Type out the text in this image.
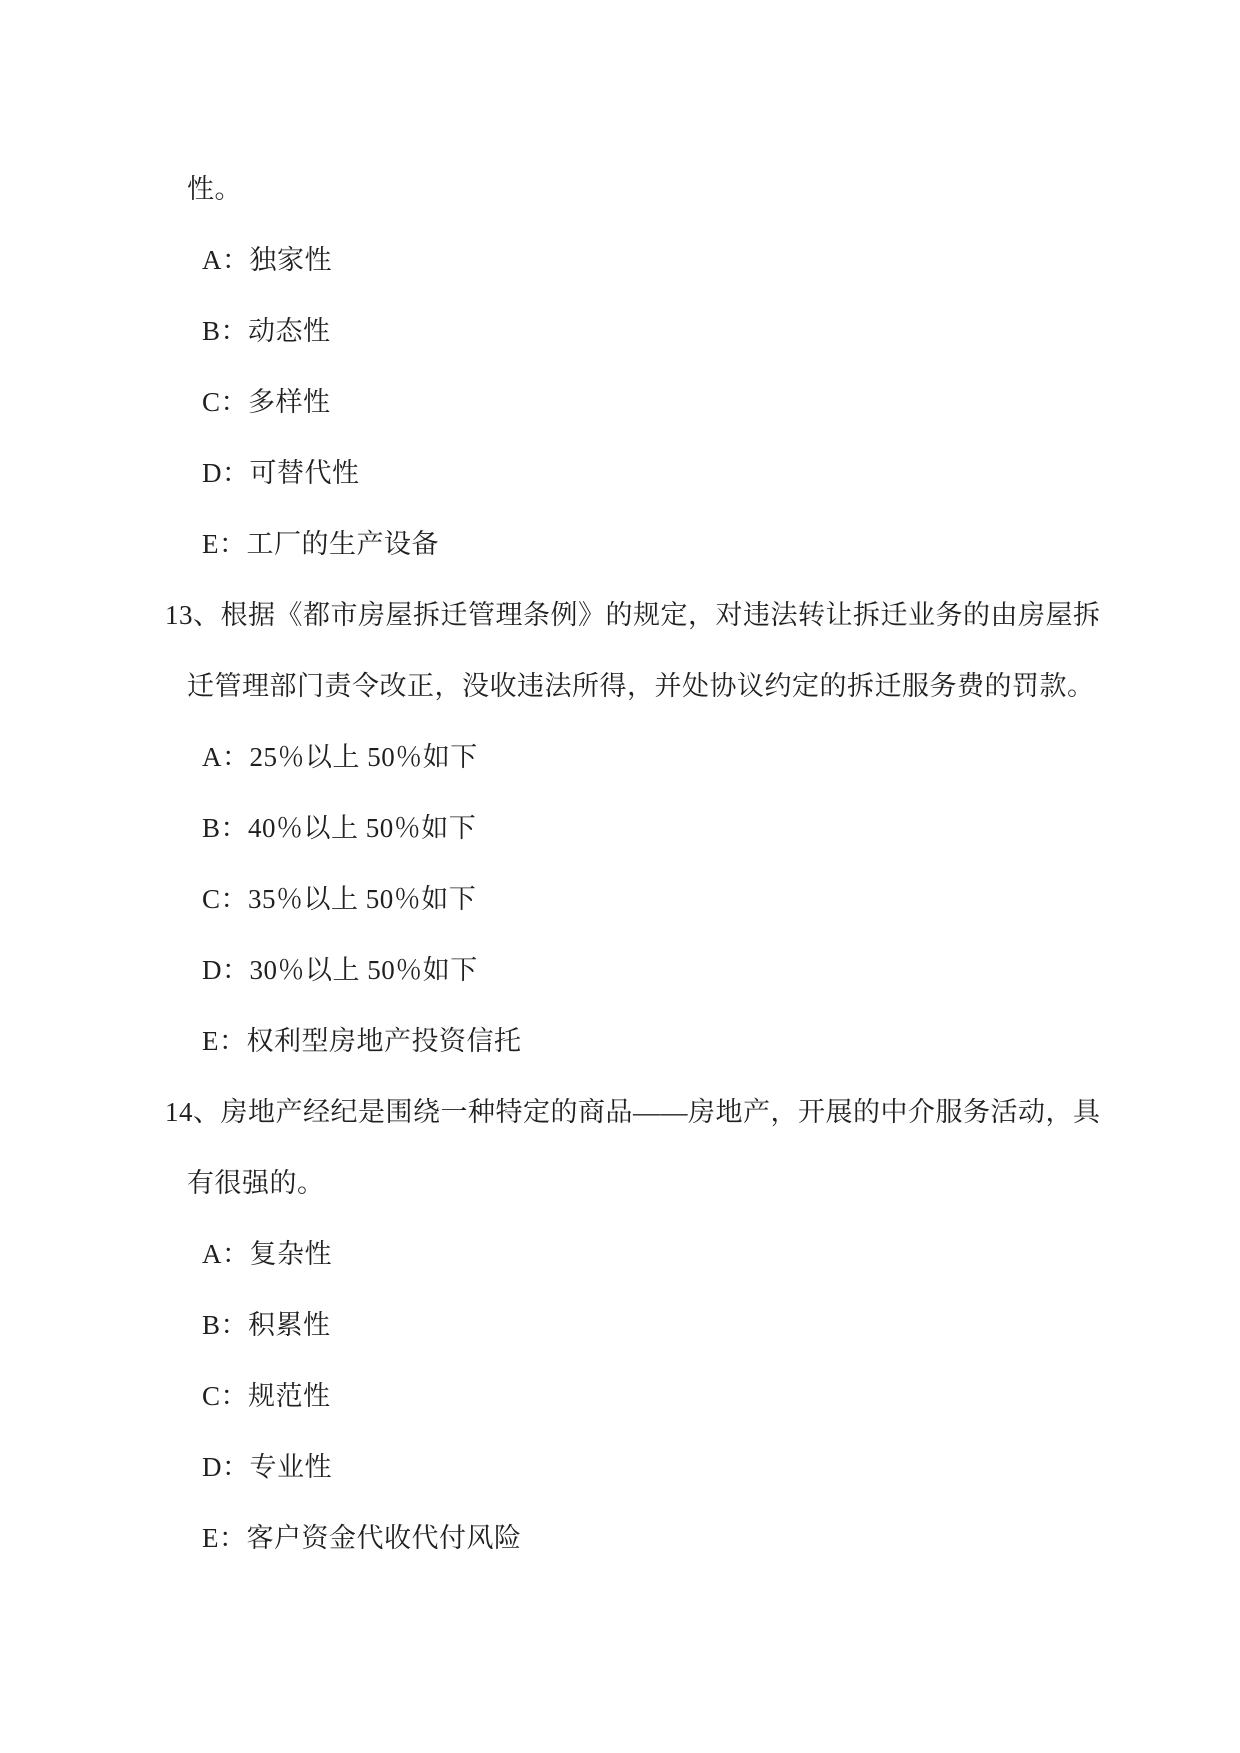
性。
A：独家性
B：动态性
C：多样性
D：可替代性
E：工厂的生产设备
13、根据《都市房屋拆迁管理条例》的规定，对违法转让拆迁业务的由房屋拆
迁管理部门责令改正，没收违法所得，并处协议约定的拆迁服务费的罚款。
A：25％以上 50％如下
B：40％以上 50％如下
C：35％以上 50％如下
D：30％以上 50％如下
E：权利型房地产投资信托
14、房地产经纪是围绕一种特定的商品——房地产，开展的中介服务活动，具
有很强的。
A：复杂性
B：积累性
C：规范性
D：专业性
E：客户资金代收代付风险
